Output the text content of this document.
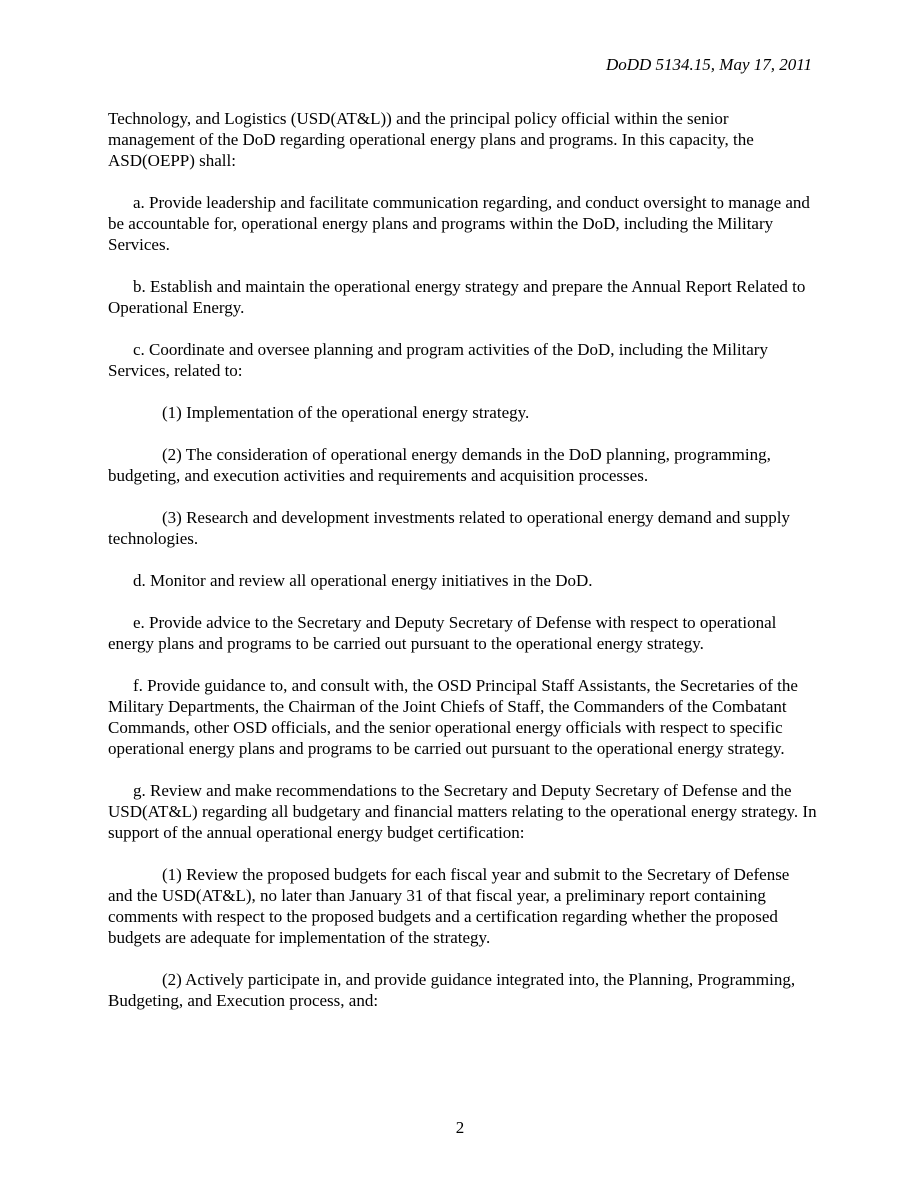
DoDD 5134.15, May 17, 2011

Technology, and Logistics (USD(AT&L)) and the principal policy official within the senior management of the DoD regarding operational energy plans and programs. In this capacity, the ASD(OEPP) shall:

a. Provide leadership and facilitate communication regarding, and conduct oversight to manage and be accountable for, operational energy plans and programs within the DoD, including the Military Services.

b. Establish and maintain the operational energy strategy and prepare the Annual Report Related to Operational Energy.

c. Coordinate and oversee planning and program activities of the DoD, including the Military Services, related to:

(1) Implementation of the operational energy strategy.

(2) The consideration of operational energy demands in the DoD planning, programming, budgeting, and execution activities and requirements and acquisition processes.

(3) Research and development investments related to operational energy demand and supply technologies.

d. Monitor and review all operational energy initiatives in the DoD.

e. Provide advice to the Secretary and Deputy Secretary of Defense with respect to operational energy plans and programs to be carried out pursuant to the operational energy strategy.

f. Provide guidance to, and consult with, the OSD Principal Staff Assistants, the Secretaries of the Military Departments, the Chairman of the Joint Chiefs of Staff, the Commanders of the Combatant Commands, other OSD officials, and the senior operational energy officials with respect to specific operational energy plans and programs to be carried out pursuant to the operational energy strategy.

g. Review and make recommendations to the Secretary and Deputy Secretary of Defense and the USD(AT&L) regarding all budgetary and financial matters relating to the operational energy strategy. In support of the annual operational energy budget certification:

(1) Review the proposed budgets for each fiscal year and submit to the Secretary of Defense and the USD(AT&L), no later than January 31 of that fiscal year, a preliminary report containing comments with respect to the proposed budgets and a certification regarding whether the proposed budgets are adequate for implementation of the strategy.

(2) Actively participate in, and provide guidance integrated into, the Planning, Programming, Budgeting, and Execution process, and:

2
